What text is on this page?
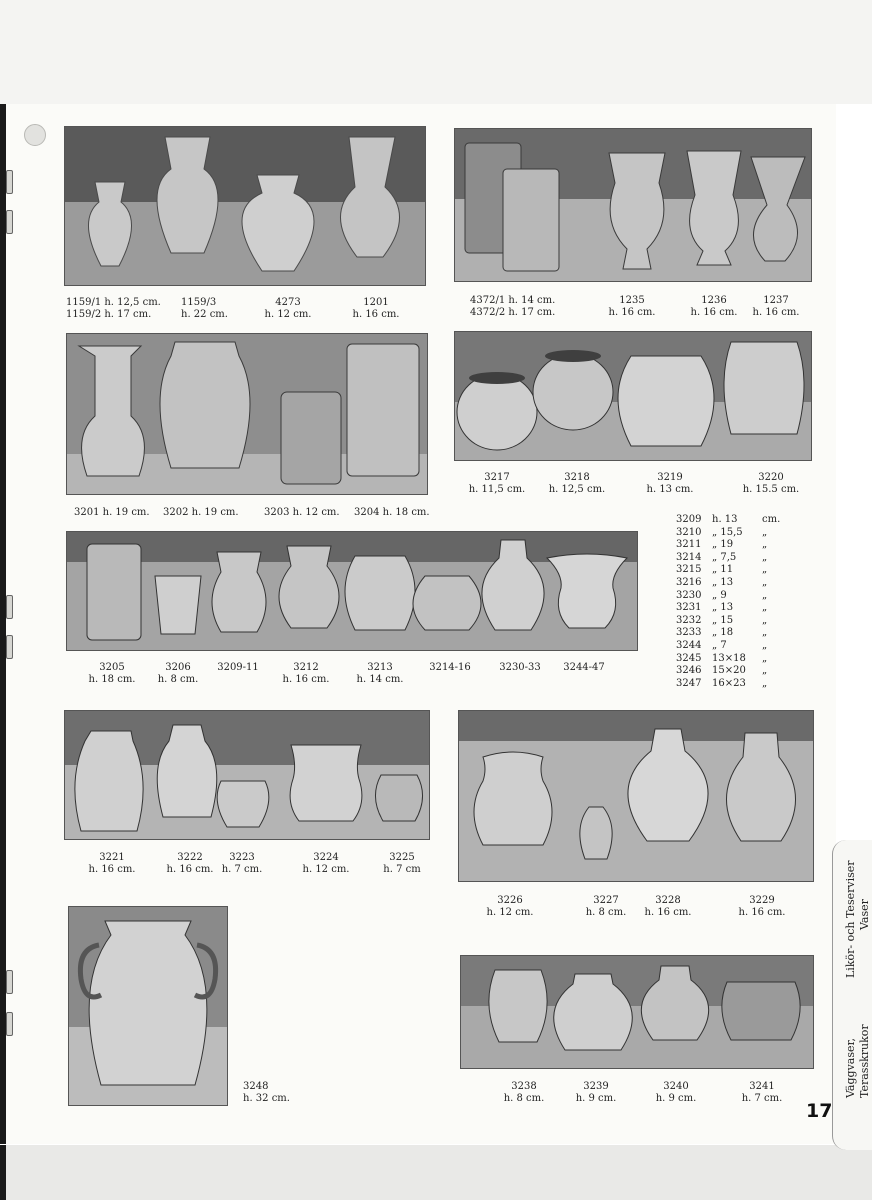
1159/1 h. 12,5 cm.
1159/2 h. 17 cm.
1159/3
h. 22 cm.
4273
h. 12 cm.
1201
h. 16 cm.
4372/1 h. 14 cm.
4372/2 h. 17 cm.
1235
h. 16 cm.
1236
h. 16 cm.
1237
h. 16 cm.
3201 h. 19 cm. 3202 h. 19 cm.	3203 h. 12 cm. 3204 h. 18 cm.
3217
h. 11,5 cm.
3218
h. 12,5 cm.
3219
h. 13 cm.
3220
h. 15.5 cm.
3205
h. 18 cm.
3206
h. 8 cm.
3209-11	3212
h. 16 cm.
3213
h. 14 cm.
3214-16	3230-33	3244-47

3209	h. 13	cm.
3210	„ 15,5	„
3211	„ 19	„
3214	„ 7,5	„
3215	„ 11	„
3216	„ 13	„
3230	„ 9	„
3231	„ 13	„
3232	„ 15	„
3233	„ 18	„
3244	„ 7	„
3245	13×18	„
3246	15×20	„
3247	16×23	„
3221
h. 16 cm.
3222
h. 16 cm.
3223
h. 7 cm.
3224
h. 12 cm.
3225
h. 7 cm
3226
h. 12 cm.
3227
h. 8 cm.
3228
h. 16 cm.
3229
h. 16 cm.
3248
h. 32 cm.
3238
h. 8 cm.
3239
h. 9 cm.
3240
h. 9 cm.
3241
h. 7 cm.
Väggvaser, Terasskrukor
Likör- och Teserviser Vaser
17
